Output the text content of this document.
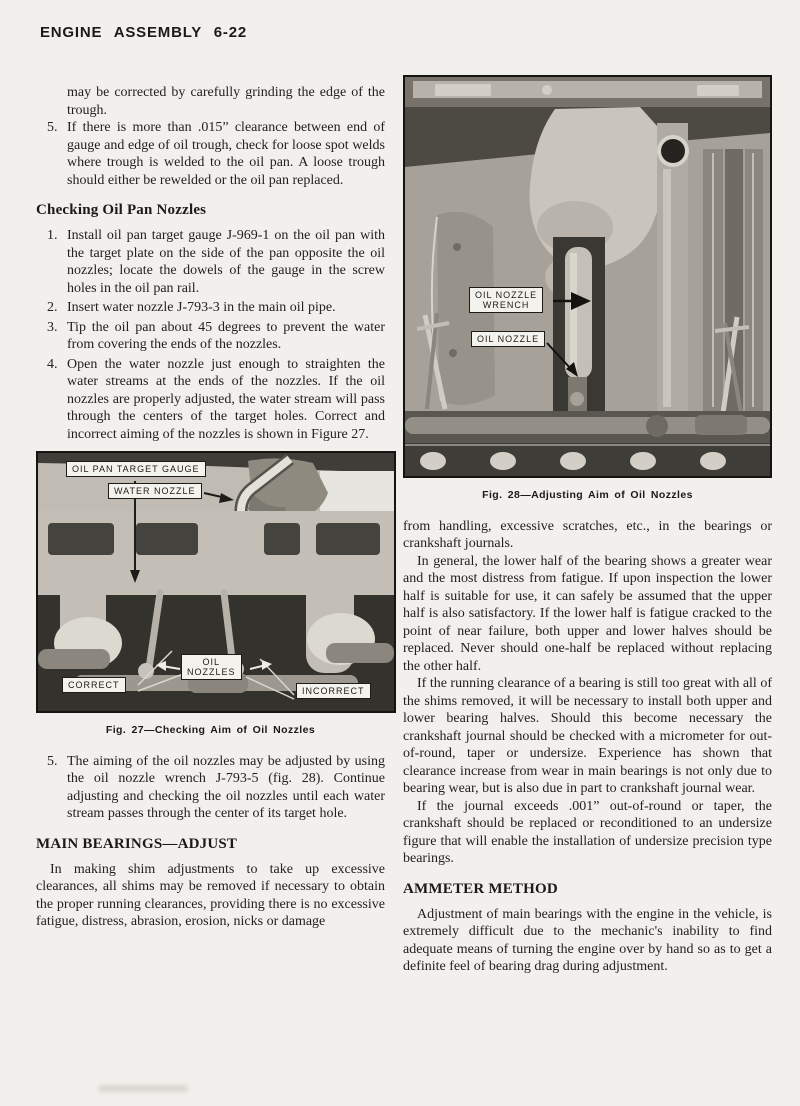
ENGINE ASSEMBLY 6-22

may be corrected by carefully grinding the edge of the trough.

5. If there is more than .015” clearance between end of gauge and edge of oil trough, check for loose spot welds where trough is welded to the oil pan. A loose trough should either be rewelded or the oil pan replaced.
Checking Oil Pan Nozzles
1. Install oil pan target gauge J-969-1 on the oil pan with the target plate on the side of the pan opposite the oil nozzles; locate the dowels of the gauge in the screw holes in the oil pan rail.
2. Insert water nozzle J-793-3 in the main oil pipe.
3. Tip the oil pan about 45 degrees to prevent the water from covering the ends of the nozzles.
4. Open the water nozzle just enough to straighten the water streams at the ends of the nozzles. If the oil nozzles are properly adjusted, the water stream will pass through the centers of the target holes. Correct and incorrect aiming of the nozzles is shown in Figure 27.
OIL PAN TARGET GAUGE
WATER NOZZLE
CORRECT
OIL
NOZZLES
INCORRECT
Fig. 27—Checking Aim of Oil Nozzles
5. The aiming of the oil nozzles may be adjusted by using the oil nozzle wrench J-793-5 (fig. 28). Continue adjusting and checking the oil nozzles until each water stream passes through the center of its target hole.
MAIN BEARINGS—ADJUST

In making shim adjustments to take up excessive clearances, all shims may be removed if necessary to obtain the proper running clearances, providing there is no excessive fatigue, distress, abrasion, erosion, nicks or damage

OIL NOZZLE
WRENCH
OIL NOZZLE
Fig. 28—Adjusting Aim of Oil Nozzles

from handling, excessive scratches, etc., in the bearings or crankshaft journals.

In general, the lower half of the bearing shows a greater wear and the most distress from fatigue. If upon inspection the lower half is suitable for use, it can safely be assumed that the upper half is also satisfactory. If the lower half is fatigue cracked to the point of near failure, both upper and lower halves should be replaced. Never should one-half be replaced without replacing the other half.

If the running clearance of a bearing is still too great with all of the shims removed, it will be necessary to install both upper and lower bearing halves. Should this become necessary the crankshaft journal should be checked with a micrometer for out-of-round, taper or undersize. Experience has shown that clearance increase from wear in main bearings is not only due to bearing wear, but is also due in part to crankshaft journal wear.

If the journal exceeds .001” out-of-round or taper, the crankshaft should be replaced or reconditioned to an undersize figure that will enable the installation of undersize precision type bearings.

AMMETER METHOD

Adjustment of main bearings with the engine in the vehicle, is extremely difficult due to the mechanic's inability to find adequate means of turning the engine over by hand so as to get a definite feel of bearing drag during adjustment.
